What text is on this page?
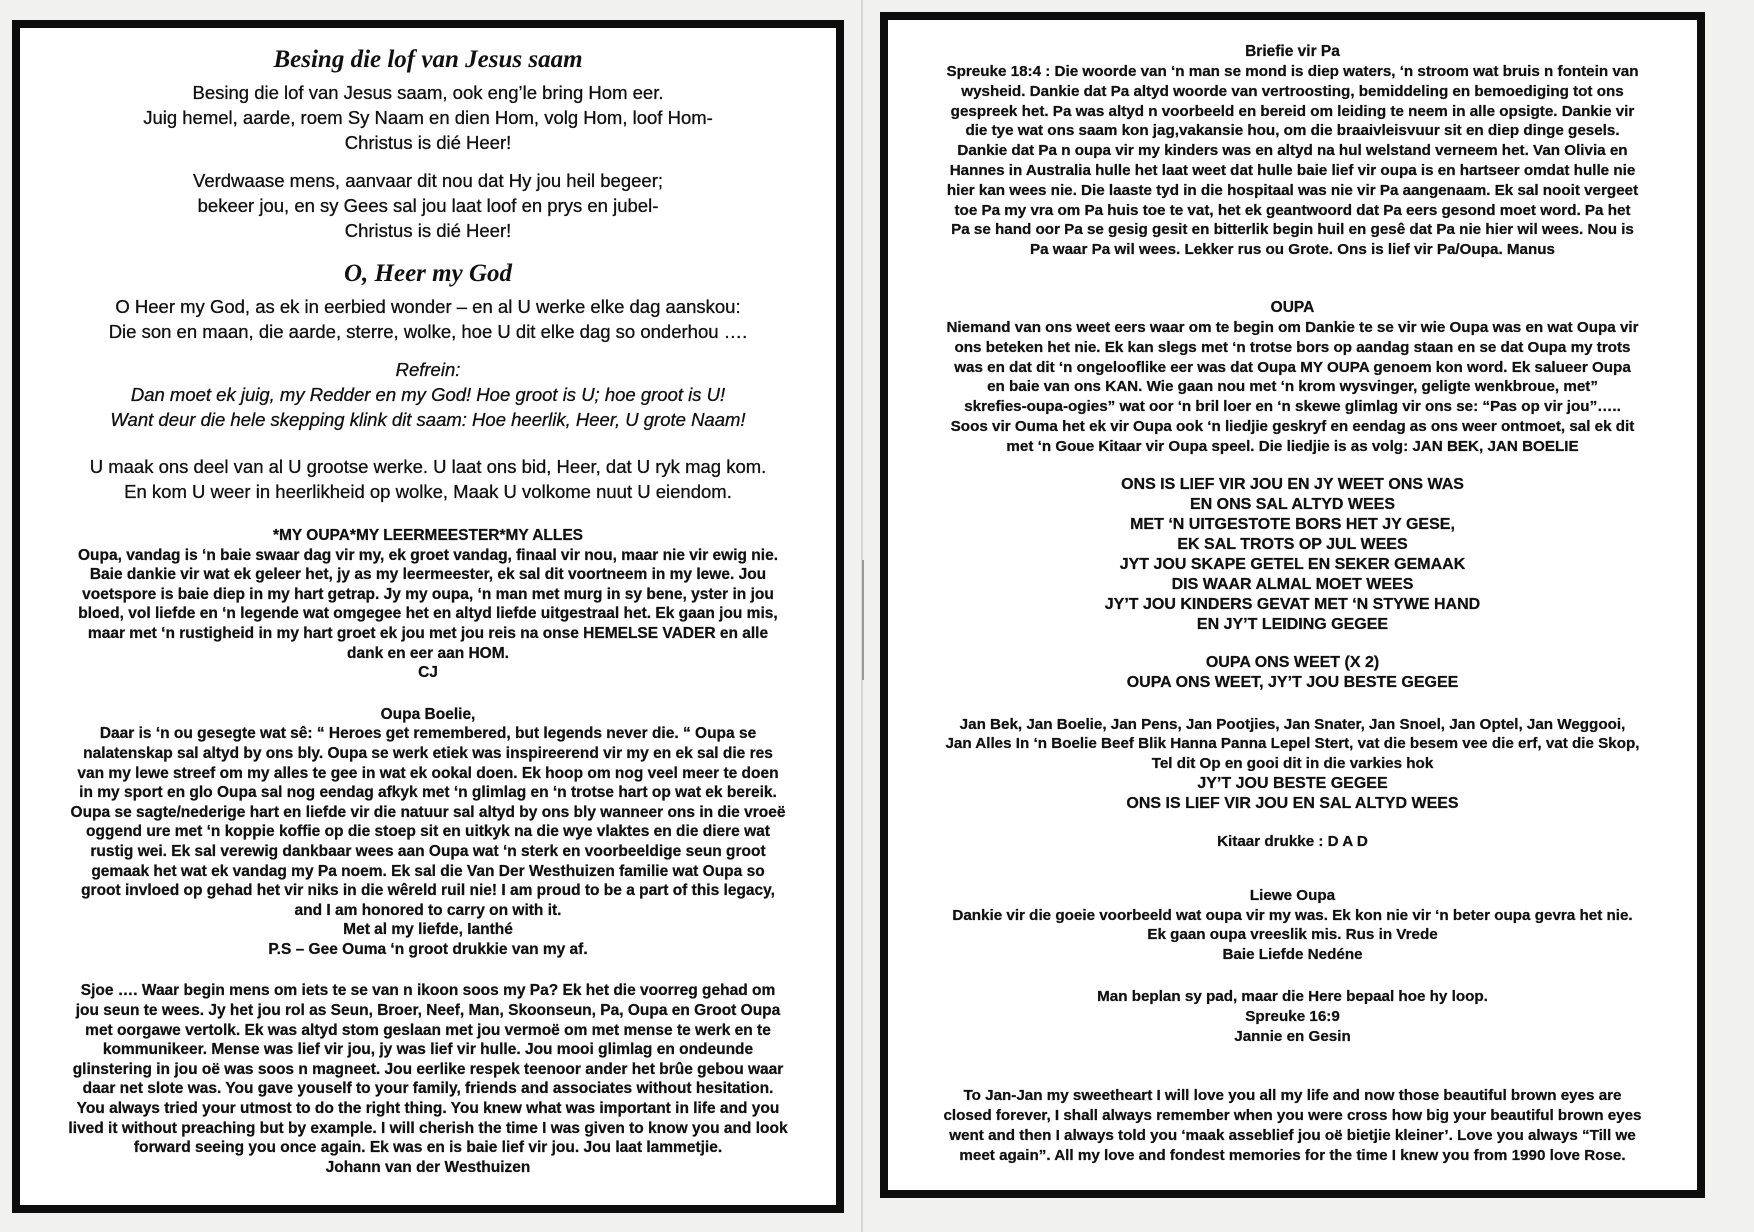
Besing die lof van Jesus saam

Besing die lof van Jesus saam, ook eng’le bring Hom eer.

Juig hemel, aarde, roem Sy Naam en dien Hom, volg Hom, loof Hom-

Christus is dié Heer!

Verdwaase mens, aanvaar dit nou dat Hy jou heil begeer;

bekeer jou, en sy Gees sal jou laat loof en prys en jubel-

Christus is dié Heer!

O, Heer my God

O Heer my God, as ek in eerbied wonder – en al U werke elke dag aanskou:

Die son en maan, die aarde, sterre, wolke, hoe U dit elke dag so onderhou ….

Refrein:

Dan moet ek juig, my Redder en my God! Hoe groot is U; hoe groot is U!

Want deur die hele skepping klink dit saam: Hoe heerlik, Heer, U grote Naam!

U maak ons deel van al U grootse werke. U laat ons bid, Heer, dat U ryk mag kom.

En kom U weer in heerlikheid op wolke, Maak U volkome nuut U eiendom.

*MY OUPA*MY LEERMEESTER*MY ALLES

Oupa, vandag is ‘n baie swaar dag vir my, ek groet vandag, finaal vir nou, maar nie vir ewig nie.

Baie dankie vir wat ek geleer het, jy as my leermeester, ek sal dit voortneem in my lewe. Jou

voetspore is baie diep in my hart getrap. Jy my oupa, ‘n man met murg in sy bene, yster in jou

bloed, vol liefde en ‘n legende wat omgegee het en altyd liefde uitgestraal het. Ek gaan jou mis,

maar met ‘n rustigheid in my hart groet ek jou met jou reis na onse HEMELSE VADER en alle

dank en eer aan HOM.

CJ

Oupa Boelie,

Daar is ‘n ou gesegte wat sê: “ Heroes get remembered, but legends never die. “ Oupa se

nalatenskap sal altyd by ons bly. Oupa se werk etiek was inspireerend vir my en ek sal die res

van my lewe streef om my alles te gee in wat ek ookal doen. Ek hoop om nog veel meer te doen

in my sport en glo Oupa sal nog eendag afkyk met ‘n glimlag en ‘n trotse hart op wat ek bereik.

Oupa se sagte/nederige hart en liefde vir die natuur sal altyd by ons bly wanneer ons in die vroeë

oggend ure met ‘n koppie koffie op die stoep sit en uitkyk na die wye vlaktes en die diere wat

rustig wei. Ek sal verewig dankbaar wees aan Oupa wat ‘n sterk en voorbeeldige seun groot

gemaak het wat ek vandag my Pa noem. Ek sal die Van Der Westhuizen familie wat Oupa so

groot invloed op gehad het vir niks in die wêreld ruil nie! I am proud to be a part of this legacy,

and I am honored to carry on with it.

Met al my liefde, Ianthé

P.S – Gee Ouma ‘n groot drukkie van my af.

Sjoe …. Waar begin mens om iets te se van n ikoon soos my Pa? Ek het die voorreg gehad om

jou seun te wees. Jy het jou rol as Seun, Broer, Neef, Man, Skoonseun, Pa, Oupa en Groot Oupa

met oorgawe vertolk. Ek was altyd stom geslaan met jou vermoë om met mense te werk en te

kommunikeer. Mense was lief vir jou, jy was lief vir hulle. Jou mooi glimlag en ondeunde

glinstering in jou oë was soos n magneet. Jou eerlike respek teenoor ander het brûe gebou waar

daar net slote was. You gave youself to your family, friends and associates without hesitation.

You always tried your utmost to do the right thing. You knew what was important in life and you

lived it without preaching but by example. I will cherish the time I was given to know you and look

forward seeing you once again. Ek was en is baie lief vir jou. Jou laat lammetjie.

Johann van der Westhuizen

Briefie vir Pa

Spreuke 18:4 : Die woorde van ‘n man se mond is diep waters, ‘n stroom wat bruis n fontein van

wysheid. Dankie dat Pa altyd woorde van vertroosting, bemiddeling en bemoediging tot ons

gespreek het. Pa was altyd n voorbeeld en bereid om leiding te neem in alle opsigte. Dankie vir

die tye wat ons saam kon jag,vakansie hou, om die braaivleisvuur sit en diep dinge gesels.

Dankie dat Pa n oupa vir my kinders was en altyd na hul welstand verneem het. Van Olivia en

Hannes in Australia hulle het laat weet dat hulle baie lief vir oupa is en hartseer omdat hulle nie

hier kan wees nie. Die laaste tyd in die hospitaal was nie vir Pa aangenaam. Ek sal nooit vergeet

toe Pa my vra om Pa huis toe te vat, het ek geantwoord dat Pa eers gesond moet word. Pa het

Pa se hand oor Pa se gesig gesit en bitterlik begin huil en gesê dat Pa nie hier wil wees. Nou is

Pa waar Pa wil wees. Lekker rus ou Grote. Ons is lief vir Pa/Oupa. Manus

OUPA

Niemand van ons weet eers waar om te begin om Dankie te se vir wie Oupa was en wat Oupa vir

ons beteken het nie. Ek kan slegs met ‘n trotse bors op aandag staan en se dat Oupa my trots

was en dat dit ‘n ongelooflike eer was dat Oupa MY OUPA genoem kon word. Ek salueer Oupa

en baie van ons KAN. Wie gaan nou met ‘n krom wysvinger, geligte wenkbroue, met”

skrefies-oupa-ogies” wat oor ‘n bril loer en ‘n skewe glimlag vir ons se: “Pas op vir jou”…..

Soos vir Ouma het ek vir Oupa ook ‘n liedjie geskryf en eendag as ons weer ontmoet, sal ek dit

met ‘n Goue Kitaar vir Oupa speel. Die liedjie is as volg: JAN BEK, JAN BOELIE

ONS IS LIEF VIR JOU EN JY WEET ONS WAS

EN ONS SAL ALTYD WEES

MET ‘N UITGESTOTE BORS HET JY GESE,

EK SAL TROTS OP JUL WEES

JYT JOU SKAPE GETEL EN SEKER GEMAAK

DIS WAAR ALMAL MOET WEES

JY’T JOU KINDERS GEVAT MET ‘N STYWE HAND

EN JY’T LEIDING GEGEE

OUPA ONS WEET (X 2)

OUPA ONS WEET, JY’T JOU BESTE GEGEE

Jan Bek, Jan Boelie, Jan Pens, Jan Pootjies, Jan Snater, Jan Snoel, Jan Optel, Jan Weggooi,

Jan Alles In ‘n Boelie Beef Blik Hanna Panna Lepel Stert, vat die besem vee die erf, vat die Skop,

Tel dit Op en gooi dit in die varkies hok

JY’T JOU BESTE GEGEE

ONS IS LIEF VIR JOU EN SAL ALTYD WEES

Kitaar drukke : D A D

Liewe Oupa

Dankie vir die goeie voorbeeld wat oupa vir my was. Ek kon nie vir ‘n beter oupa gevra het nie.

Ek gaan oupa vreeslik mis. Rus in Vrede

Baie Liefde Nedéne

Man beplan sy pad, maar die Here bepaal hoe hy loop.

Spreuke 16:9

Jannie en Gesin

To Jan-Jan my sweetheart I will love you all my life and now those beautiful brown eyes are

closed forever, I shall always remember when you were cross how big your beautiful brown eyes

went and then I always told you ‘maak asseblief jou oë bietjie kleiner’. Love you always “Till we

meet again”. All my love and fondest memories for the time I knew you from 1990 love Rose.
